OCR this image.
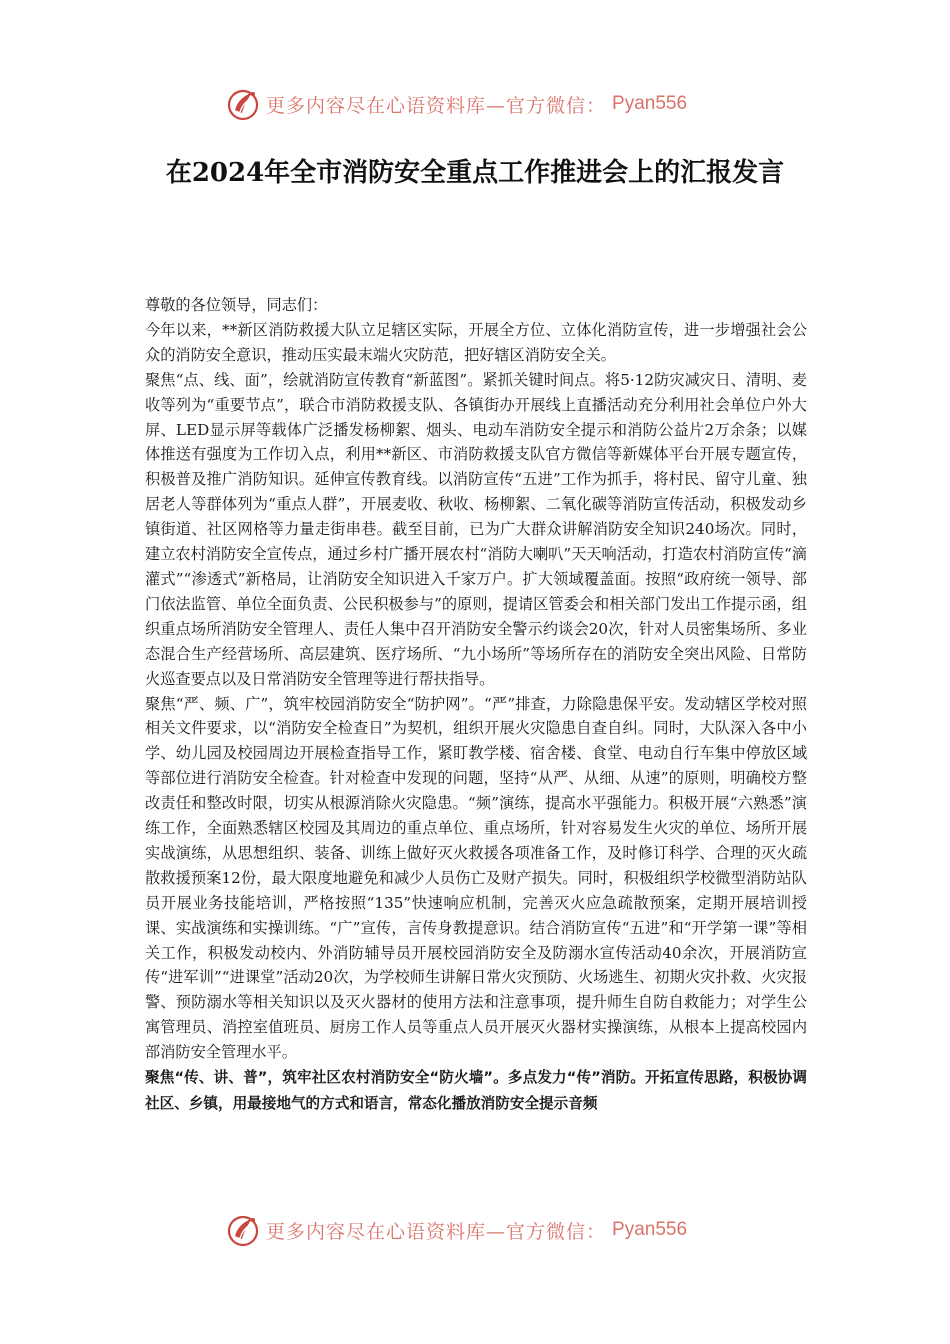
更多内容尽在心语资料库—官方微信： Pyan556
在2024年全市消防安全重点工作推进会上的汇报发言

尊敬的各位领导，同志们：

今年以来，**新区消防救援大队立足辖区实际，开展全方位、立体化消防宣传，进一步增强社会公众的消防安全意识，推动压实最末端火灾防范，把好辖区消防安全关。

聚焦“点、线、面”，绘就消防宣传教育“新蓝图”。紧抓关键时间点。将5·12防灾减灾日、清明、麦收等列为“重要节点”，联合市消防救援支队、各镇街办开展线上直播活动充分利用社会单位户外大屏、LED显示屏等载体广泛播发杨柳絮、烟头、电动车消防安全提示和消防公益片2万余条；以媒体推送有强度为工作切入点，利用**新区、市消防救援支队官方微信等新媒体平台开展专题宣传，积极普及推广消防知识。延伸宣传教育线。以消防宣传“五进”工作为抓手，将村民、留守儿童、独居老人等群体列为“重点人群”，开展麦收、秋收、杨柳絮、二氧化碳等消防宣传活动，积极发动乡镇街道、社区网格等力量走街串巷。截至目前，已为广大群众讲解消防安全知识240场次。同时，建立农村消防安全宣传点，通过乡村广播开展农村“消防大喇叭”天天响活动，打造农村消防宣传“滴灌式”“渗透式”新格局，让消防安全知识进入千家万户。扩大领域覆盖面。按照“政府统一领导、部门依法监管、单位全面负责、公民积极参与”的原则，提请区管委会和相关部门发出工作提示函，组织重点场所消防安全管理人、责任人集中召开消防安全警示约谈会20次，针对人员密集场所、多业态混合生产经营场所、高层建筑、医疗场所、“九小场所”等场所存在的消防安全突出风险、日常防火巡查要点以及日常消防安全管理等进行帮扶指导。

聚焦“严、频、广”，筑牢校园消防安全“防护网”。“严”排查，力除隐患保平安。发动辖区学校对照相关文件要求，以“消防安全检查日”为契机，组织开展火灾隐患自查自纠。同时，大队深入各中小学、幼儿园及校园周边开展检查指导工作，紧盯教学楼、宿舍楼、食堂、电动自行车集中停放区域等部位进行消防安全检查。针对检查中发现的问题，坚持“从严、从细、从速”的原则，明确校方整改责任和整改时限，切实从根源消除火灾隐患。“频”演练，提高水平强能力。积极开展“六熟悉”演练工作，全面熟悉辖区校园及其周边的重点单位、重点场所，针对容易发生火灾的单位、场所开展实战演练，从思想组织、装备、训练上做好灭火救援各项准备工作，及时修订科学、合理的灭火疏散救援预案12份，最大限度地避免和减少人员伤亡及财产损失。同时，积极组织学校微型消防站队员开展业务技能培训，严格按照“135”快速响应机制，完善灭火应急疏散预案，定期开展培训授课、实战演练和实操训练。“广”宣传，言传身教提意识。结合消防宣传“五进”和“开学第一课”等相关工作，积极发动校内、外消防辅导员开展校园消防安全及防溺水宣传活动40余次，开展消防宣传“进军训”“进课堂”活动20次，为学校师生讲解日常火灾预防、火场逃生、初期火灾扑救、火灾报警、预防溺水等相关知识以及灭火器材的使用方法和注意事项，提升师生自防自救能力；对学生公寓管理员、消控室值班员、厨房工作人员等重点人员开展灭火器材实操演练，从根本上提高校园内部消防安全管理水平。

聚焦“传、讲、普”，筑牢社区农村消防安全“防火墙”。多点发力“传”消防。开拓宣传思路，积极协调社区、乡镇，用最接地气的方式和语言，常态化播放消防安全提示音频

更多内容尽在心语资料库—官方微信： Pyan556
